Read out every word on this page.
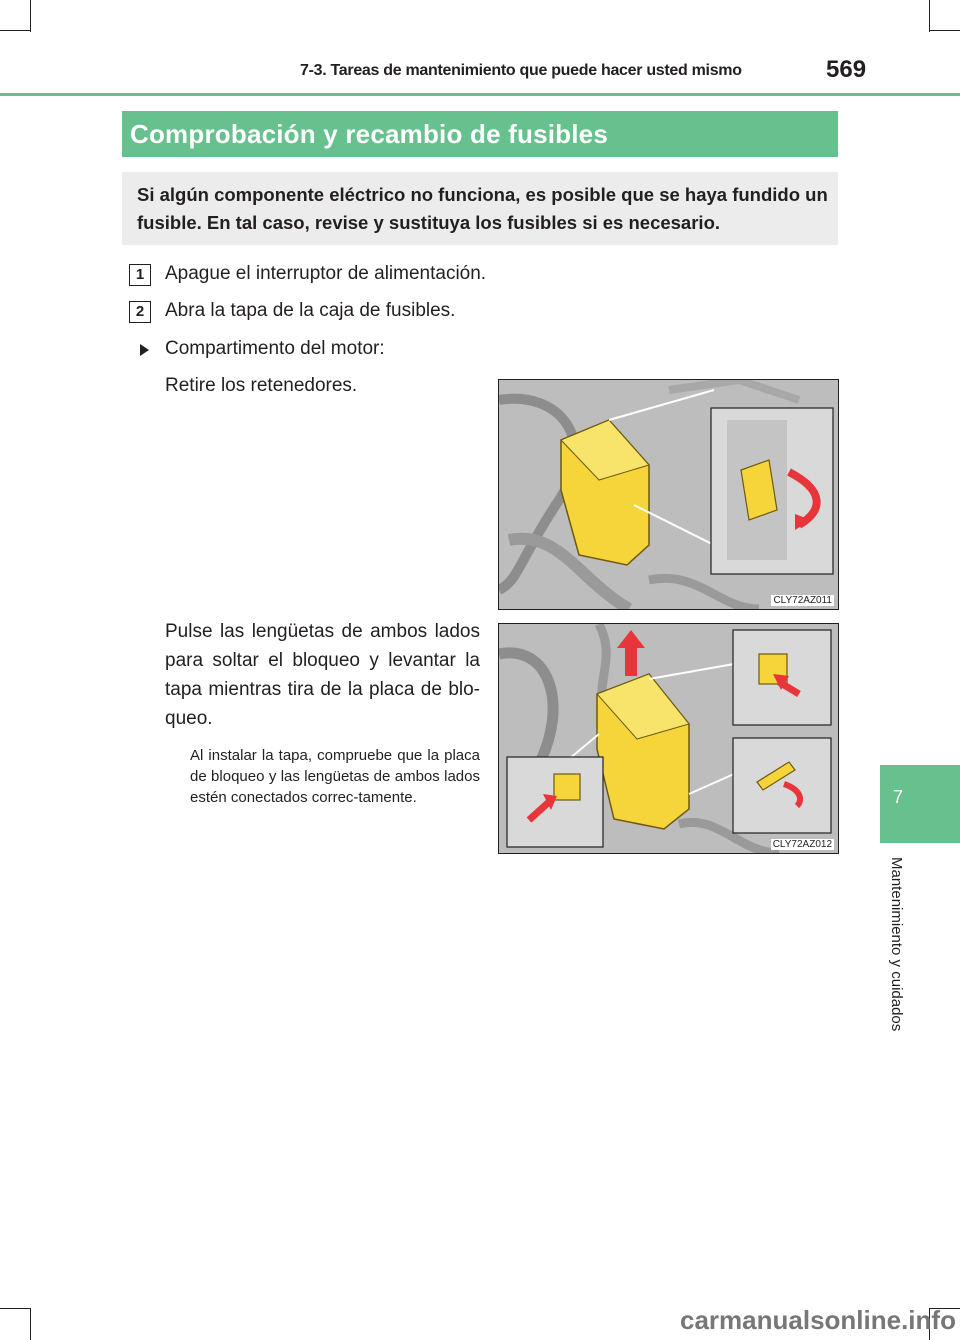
7-3. Tareas de mantenimiento que puede hacer usted mismo	569
7
Mantenimiento y cuidados
Comprobación y recambio de fusibles
Si algún componente eléctrico no funciona, es posible que se haya fundido un fusible. En tal caso, revise y sustituya los fusibles si es necesario.
1	Apague el interruptor de alimentación.
2	Abra la tapa de la caja de fusibles.
Compartimento del motor:
Retire los retenedores.
Pulse las lengüetas de ambos lados para soltar el bloqueo y levantar la tapa mientras tira de la placa de blo-queo.
Al instalar la tapa, compruebe que la placa de bloqueo y las lengüetas de ambos lados estén conectados correc-tamente.
CLY72AZ011
CLY72AZ012
carmanualsonline.info
